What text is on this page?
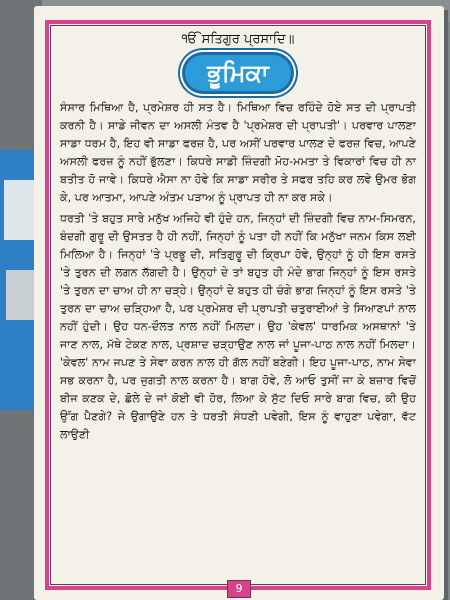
ੴ ਸਤਿਗੁਰ ਪ੍ਰਸਾਦਿ॥
ਭੂਮਿਕਾ

ਸੰਸਾਰ ਮਿਥਿਆ ਹੈ, ਪ੍ਰਮੇਸ਼ਰ ਹੀ ਸਤ ਹੈ। ਮਿਥਿਆ ਵਿਚ ਰਹਿੰਦੇ ਹੋਏ ਸਤ ਦੀ ਪ੍ਰਾਪਤੀ ਕਰਨੀ ਹੈ। ਸਾਡੇ ਜੀਵਨ ਦਾ ਅਸਲੀ ਮੰਤਵ ਹੈ 'ਪ੍ਰਮੇਸ਼ਰ ਦੀ ਪ੍ਰਾਪਤੀ'। ਪਰਵਾਰ ਪਾਲਣਾ ਸਾਡਾ ਧਰਮ ਹੈ, ਇਹ ਵੀ ਸਾਡਾ ਫਰਜ਼ ਹੈ, ਪਰ ਅਸੀਂ ਪਰਵਾਰ ਪਾਲਣ ਦੇ ਫਰਜ਼ ਵਿਚ, ਆਪਣੇ ਅਸਲੀ ਫਰਜ਼ ਨੂੰ ਨਹੀਂ ਭੁੱਲਣਾ। ਕਿਧਰੇ ਸਾਡੀ ਜ਼ਿੰਦਗੀ ਮੋਹ-ਮਮਤਾ ਤੇ ਵਿਕਾਰਾਂ ਵਿਚ ਹੀ ਨਾ ਬਤੀਤ ਹੋ ਜਾਵੇ। ਕਿਧਰੇ ਐਸਾ ਨਾ ਹੋਵੇ ਕਿ ਸਾਡਾ ਸਰੀਰ ਤੇ ਸਫਰ ਤਹਿ ਕਰ ਲਵੇ ਉਮਰ ਭੋਗ ਕੇ, ਪਰ ਆਤਮਾ, ਆਪਣੇ ਅੰਤਮ ਪੜਾਅ ਨੂੰ ਪ੍ਰਾਪਤ ਹੀ ਨਾ ਕਰ ਸਕੇ।

ਧਰਤੀ 'ਤੇ ਬਹੁਤ ਸਾਰੇ ਮਨੁੱਖ ਅਜਿਹੇ ਵੀ ਹੁੰਦੇ ਹਨ, ਜਿਨ੍ਹਾਂ ਦੀ ਜ਼ਿੰਦਗੀ ਵਿਚ ਨਾਮ-ਸਿਮਰਨ, ਬੰਦਗੀ ਗੁਰੂ ਦੀ ਉਸਤਤ ਹੈ ਹੀ ਨਹੀਂ, ਜਿਨ੍ਹਾਂ ਨੂੰ ਪਤਾ ਹੀ ਨਹੀਂ ਕਿ ਮਨੁੱਖਾ ਜਨਮ ਕਿਸ ਲਈ ਮਿਲਿਆ ਹੈ। ਜਿਨ੍ਹਾਂ 'ਤੇ ਪ੍ਰਭੂ ਦੀ, ਸਤਿਗੁਰੂ ਦੀ ਕ੍ਰਿਪਾ ਹੋਵੇ, ਉਨ੍ਹਾਂ ਨੂੰ ਹੀ ਇਸ ਰਸਤੇ 'ਤੇ ਤੁਰਨ ਦੀ ਲਗਨ ਲੱਗਦੀ ਹੈ। ਉਨ੍ਹਾਂ ਦੇ ਤਾਂ ਬਹੁਤ ਹੀ ਮੰਦੇ ਭਾਗ ਜਿਨ੍ਹਾਂ ਨੂੰ ਇਸ ਰਸਤੇ 'ਤੇ ਤੁਰਨ ਦਾ ਚਾਅ ਹੀ ਨਾ ਚੜ੍ਹੇ। ਉਨ੍ਹਾਂ ਦੇ ਬਹੁਤ ਹੀ ਚੰਗੇ ਭਾਗ ਜਿਨ੍ਹਾਂ ਨੂੰ ਇਸ ਰਸਤੇ 'ਤੇ ਤੁਰਨ ਦਾ ਚਾਅ ਚੜ੍ਹਿਆ ਹੈ, ਪਰ ਪ੍ਰਮੇਸ਼ਰ ਦੀ ਪ੍ਰਾਪਤੀ ਚਤੁਰਾਈਆਂ ਤੇ ਸਿਆਣਪਾਂ ਨਾਲ ਨਹੀਂ ਹੁੰਦੀ। ਉਹ ਧਨ-ਦੌਲਤ ਨਾਲ ਨਹੀਂ ਮਿਲਦਾ। ਉਹ 'ਕੇਵਲ' ਧਾਰਮਿਕ ਅਸਥਾਨਾਂ 'ਤੇ ਜਾਣ ਨਾਲ, ਮੱਥੇ ਟੇਕਣ ਨਾਲ, ਪ੍ਰਸ਼ਾਦ ਚੜ੍ਹਾਉਣ ਨਾਲ ਜਾਂ ਪੂਜਾ-ਪਾਠ ਨਾਲ ਨਹੀਂ ਮਿਲਦਾ। 'ਕੇਵਲ' ਨਾਮ ਜਪਣ ਤੇ ਸੇਵਾ ਕਰਨ ਨਾਲ ਹੀ ਗੱਲ ਨਹੀਂ ਬਣੇਗੀ। ਇਹ ਪੂਜਾ-ਪਾਠ, ਨਾਮ ਸੇਵਾ ਸਭ ਕਰਨਾ ਹੈ, ਪਰ ਜੁਗਤੀ ਨਾਲ ਕਰਨਾ ਹੈ। ਬਾਗ ਹੋਵੇ, ਲੋ ਆਓ ਤੁਸੀਂ ਜਾ ਕੇ ਬਜ਼ਾਰ ਵਿਚੋਂ ਬੀਜ ਕਣਕ ਦੇ, ਛੋਲੇ ਦੇ ਜਾਂ ਕੋਈ ਵੀ ਹੋਰ, ਲਿਆ ਕੇ ਸੁੱਟ ਦਿਓ ਸਾਰੇ ਬਾਗ ਵਿਚ, ਕੀ ਉਹ ਉੱਗ ਪੈਣਗੇ? ਜੇ ਉਗਾਉਣੇ ਹਨ ਤੇ ਧਰਤੀ ਸੰਧਣੀ ਪਵੇਗੀ, ਇਸ ਨੂੰ ਵਾਹੁਣਾ ਪਵੇਗਾ, ਵੱਟ ਲਾਉਣੀ

9
